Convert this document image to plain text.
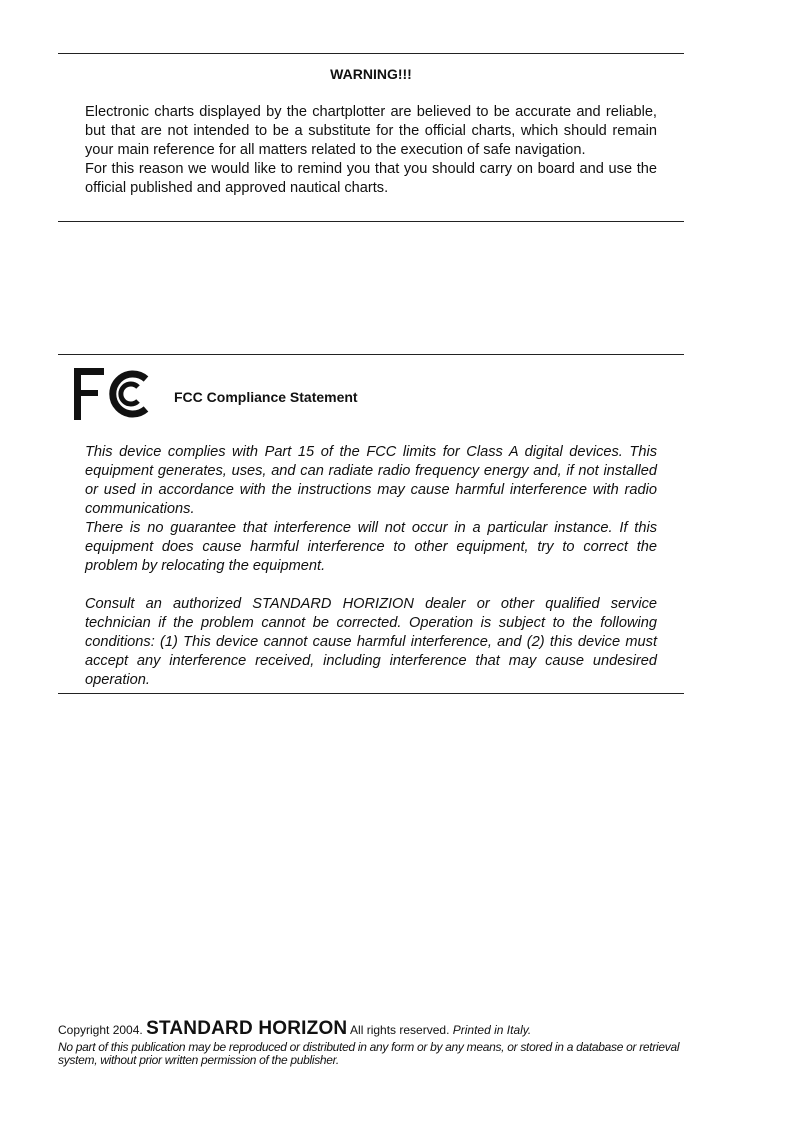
WARNING!!!

Electronic charts displayed by the chartplotter are believed to be accurate and reliable, but that are not intended to be a substitute for the official charts, which should remain your main reference for all matters related to the execution of safe navigation.

For this reason we would like to remind you that you should carry on board and use the official published and approved nautical charts.

FCC Compliance Statement

This device complies with Part 15 of the FCC limits for Class A digital devices. This equipment generates, uses, and can radiate radio frequency energy and, if not installed or used in accordance with the instructions may cause harmful interference with radio communications.

There is no guarantee that interference will not occur in a particular instance. If this equipment does cause harmful interference to other equipment, try to correct the problem by relocating the equipment.

Consult an authorized STANDARD HORIZION dealer or other qualified service technician if the problem cannot be corrected. Operation is subject to the following conditions: (1) This device cannot cause harmful interference, and (2) this device must accept any interference received, including interference that may cause undesired operation.

Copyright 2004. STANDARD HORIZON All rights reserved. Printed in Italy.
No part of this publication may be reproduced or distributed in any form or by any means, or stored in a database or retrieval system, without prior written permission of the publisher.
